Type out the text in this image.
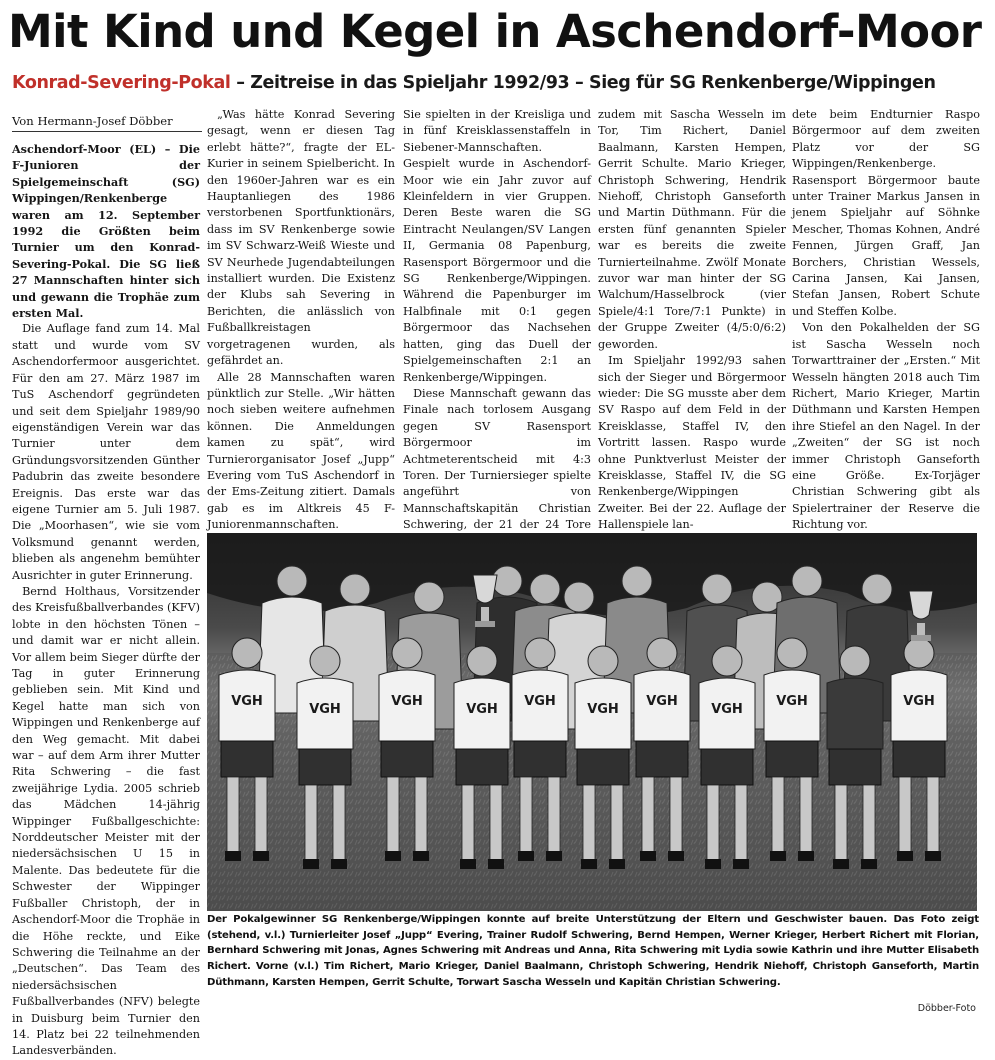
Mit Kind und Kegel in Aschendorf-Moor
Konrad-Severing-Pokal – Zeitreise in das Spieljahr 1992/93 – Sieg für SG Renkenberge/Wippingen
Von Hermann-Josef Döbber

Aschendorf-Moor (EL) – Die F-Junioren der Spielgemeinschaft (SG) Wippingen/Renkenberge waren am 12. September 1992 die Größten beim Turnier um den Konrad-Severing-Pokal. Die SG ließ 27 Mannschaften hinter sich und gewann die Trophäe zum ersten Mal.

Die Auflage fand zum 14. Mal statt und wurde vom SV Aschendorfermoor ausgerichtet. Für den am 27. März 1987 im TuS Aschendorf gegründeten und seit dem Spieljahr 1989/90 eigenständigen Verein war das Turnier unter dem Gründungsvorsitzenden Günther Padubrin das zweite besondere Ereignis. Das erste war das eigene Turnier am 5. Juli 1987. Die „Moorhasen“, wie sie vom Volksmund genannt werden, blieben als angenehm bemühter Ausrichter in guter Erinnerung.

Bernd Holthaus, Vorsitzender des Kreisfußballverbandes (KFV) lobte in den höchsten Tönen – und damit war er nicht allein. Vor allem beim Sieger dürfte der Tag in guter Erinnerung geblieben sein. Mit Kind und Kegel hatte man sich von Wippingen und Renkenberge auf den Weg gemacht. Mit dabei war – auf dem Arm ihrer Mutter Rita Schwering – die fast zweijährige Lydia. 2005 schrieb das Mädchen 14-jährig Wippinger Fußballgeschichte: Norddeutscher Meister mit der niedersächsischen U 15 in Malente. Das bedeutete für die Schwester der Wippinger Fußballer Christoph, der in Aschendorf-Moor die Trophäe in die Höhe reckte, und Eike Schwering die Teilnahme an der „Deutschen“. Das Team des niedersächsischen Fußballverbandes (NFV) belegte in Duisburg beim Turnier den 14. Platz bei 22 teilnehmenden Landesverbänden.

„Was hätte Konrad Severing gesagt, wenn er diesen Tag erlebt hätte?“, fragte der EL-Kurier in seinem Spielbericht. In den 1960er-Jahren war es ein Hauptanliegen des 1986 verstorbenen Sportfunktionärs, dass im SV Renkenberge sowie im SV Schwarz-Weiß Wieste und SV Neurhede Jugendabteilungen installiert wurden. Die Existenz der Klubs sah Severing in Berichten, die anlässlich von Fußballkreistagen vorgetragenen wurden, als gefährdet an.

Alle 28 Mannschaften waren pünktlich zur Stelle. „Wir hätten noch sieben weitere aufnehmen können. Die Anmeldungen kamen zu spät“, wird Turnierorganisator Josef „Jupp“ Evering vom TuS Aschendorf in der Ems-Zeitung zitiert. Damals gab es im Altkreis 45 F-Juniorenmannschaften.

Sie spielten in der Kreisliga und in fünf Kreisklassenstaffeln in Siebener-Mannschaften. Gespielt wurde in Aschendorf-Moor wie ein Jahr zuvor auf Kleinfeldern in vier Gruppen. Deren Beste waren die SG Eintracht Neulangen/SV Langen II, Germania 08 Papenburg, Rasensport Börgermoor und die SG Renkenberge/Wippingen. Während die Papenburger im Halbfinale mit 0:1 gegen Börgermoor das Nachsehen hatten, ging das Duell der Spielgemeinschaften 2:1 an Renkenberge/Wippingen.

Diese Mannschaft gewann das Finale nach torlosem Ausgang gegen SV Rasensport Börgermoor im Achtmeterentscheid mit 4:3 Toren. Der Turniersieger spielte angeführt von Mannschaftskapitän Christian Schwering, der 21 der 24 Tore

zudem mit Sascha Wesseln im Tor, Tim Richert, Daniel Baalmann, Karsten Hempen, Gerrit Schulte. Mario Krieger, Christoph Schwering, Hendrik Niehoff, Christoph Ganseforth und Martin Düthmann. Für die ersten fünf genannten Spieler war es bereits die zweite Turnierteilnahme. Zwölf Monate zuvor war man hinter der SG Walchum/Hasselbrock (vier Spiele/4:1 Tore/7:1 Punkte) in der Gruppe Zweiter (4/5:0/6:2) geworden.

Im Spieljahr 1992/93 sahen sich der Sieger und Börgermoor wieder: Die SG musste aber dem SV Raspo auf dem Feld in der Kreisklasse, Staffel IV, den Vortritt lassen. Raspo wurde ohne Punktverlust Meister der Kreisklasse, Staffel IV, die SG Renkenberge/Wippingen Zweiter. Bei der 22. Auflage der Hallenspiele lan-

dete beim Endturnier Raspo Börgermoor auf dem zweiten Platz vor der SG Wippingen/Renkenberge. Rasensport Börgermoor baute unter Trainer Markus Jansen in jenem Spieljahr auf Söhnke Mescher, Thomas Kohnen, André Fennen, Jürgen Graff, Jan Borchers, Christian Wessels, Carina Jansen, Kai Jansen, Stefan Jansen, Robert Schute und Steffen Kolbe.

Von den Pokalhelden der SG ist Sascha Wesseln noch Torwarttrainer der „Ersten.“ Mit Wesseln hängten 2018 auch Tim Richert, Mario Krieger, Martin Düthmann und Karsten Hempen ihre Stiefel an den Nagel. In der „Zweiten“ der SG ist noch immer Christoph Ganseforth eine Größe. Ex-Torjäger Christian Schwering gibt als Spielertrainer der Reserve die Richtung vor.

VGH
VGH
VGH
VGH
VGH
VGH
VGH
VGH
VGH	VGH
Der Pokalgewinner SG Renkenberge/Wippingen konnte auf breite Unterstützung der Eltern und Geschwister bauen. Das Foto zeigt (stehend, v.l.) Turnierleiter Josef „Jupp“ Evering, Trainer Rudolf Schwering, Bernd Hempen, Werner Krieger, Herbert Richert mit Florian, Bernhard Schwering mit Jonas, Agnes Schwering mit Andreas und Anna, Rita Schwering mit Lydia sowie Kathrin und ihre Mutter Elisabeth Richert. Vorne (v.l.) Tim Richert, Mario Krieger, Daniel Baalmann, Christoph Schwering, Hendrik Niehoff, Christoph Ganseforth, Martin Düthmann, Karsten Hempen, Gerrit Schulte, Torwart Sascha Wesseln und Kapitän Christian Schwering.
Döbber-Foto
